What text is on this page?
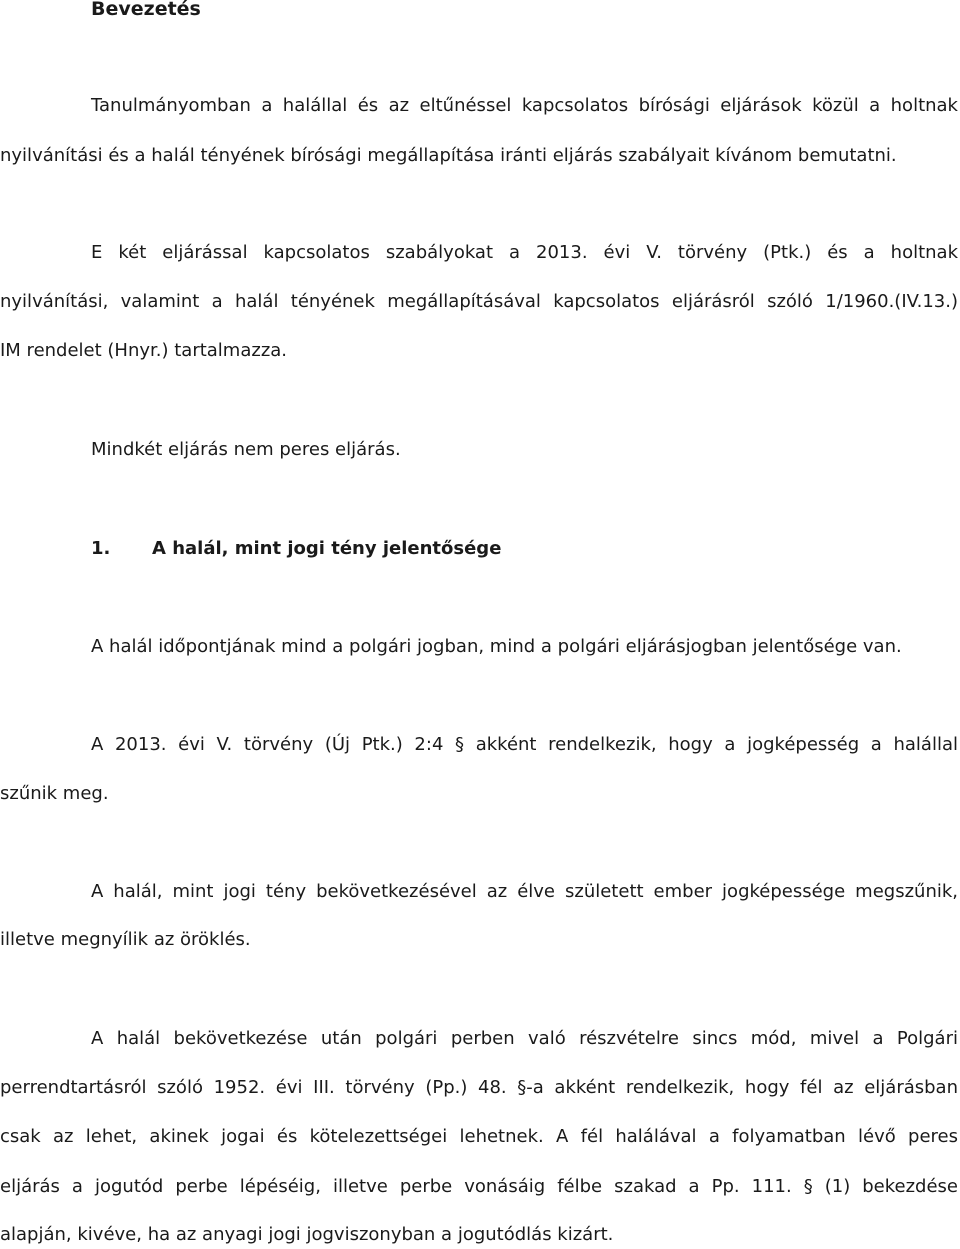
Bevezetés
Tanulmányomban a halállal és az eltűnéssel kapcsolatos bírósági eljárások közül a holtnak
nyilvánítási és a halál tényének bírósági megállapítása iránti eljárás szabályait kívánom bemutatni.
E két eljárással kapcsolatos szabályokat a 2013. évi V. törvény (Ptk.) és a holtnak
nyilvánítási, valamint a halál tényének megállapításával kapcsolatos eljárásról szóló 1/1960.(IV.13.)
IM rendelet (Hnyr.) tartalmazza.
Mindkét eljárás nem peres eljárás.
1. A halál, mint jogi tény jelentősége
A halál időpontjának mind a polgári jogban, mind a polgári eljárásjogban jelentősége van.
A 2013. évi V. törvény (Új Ptk.) 2:4 § akként rendelkezik, hogy a jogképesség a halállal
szűnik meg.
A halál, mint jogi tény bekövetkezésével az élve született ember jogképessége megszűnik,
illetve megnyílik az öröklés.
A halál bekövetkezése után polgári perben való részvételre sincs mód, mivel a Polgári
perrendtartásról szóló 1952. évi III. törvény (Pp.) 48. §-a akként rendelkezik, hogy fél az eljárásban
csak az lehet, akinek jogai és kötelezettségei lehetnek. A fél halálával a folyamatban lévő peres
eljárás a jogutód perbe lépéséig, illetve perbe vonásáig félbe szakad a Pp. 111. § (1) bekezdése
alapján, kivéve, ha az anyagi jogi jogviszonyban a jogutódlás kizárt.
